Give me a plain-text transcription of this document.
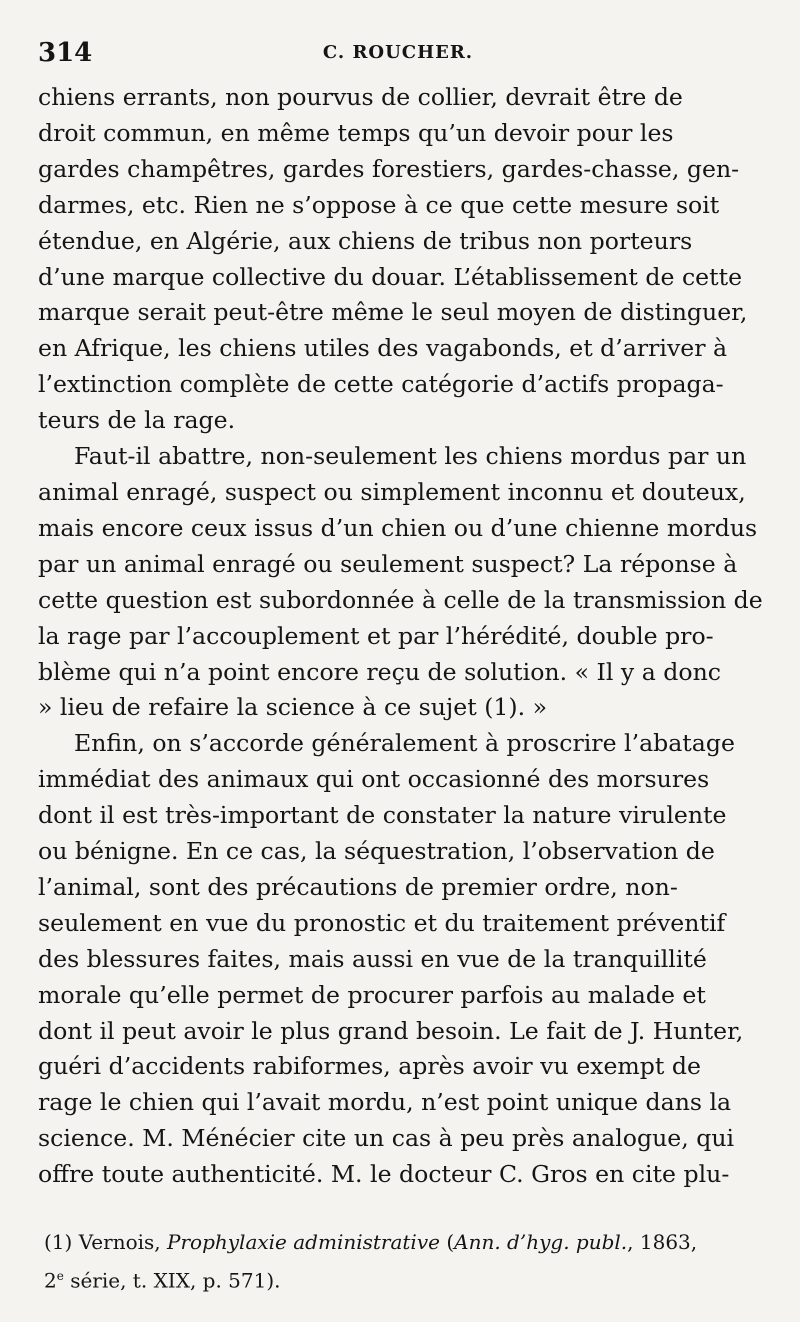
314	C. ROUCHER.
chiens errants, non pourvus de collier, devrait être de
droit commun, en même temps qu’un devoir pour les
gardes champêtres, gardes forestiers, gardes-chasse, gen-
darmes, etc. Rien ne s’oppose à ce que cette mesure soit
étendue, en Algérie, aux chiens de tribus non porteurs
d’une marque collective du douar. L’établissement de cette
marque serait peut-être même le seul moyen de distinguer,
en Afrique, les chiens utiles des vagabonds, et d’arriver à
l’extinction complète de cette catégorie d’actifs propaga-
teurs de la rage.
Faut-il abattre, non-seulement les chiens mordus par un
animal enragé, suspect ou simplement inconnu et douteux,
mais encore ceux issus d’un chien ou d’une chienne mordus
par un animal enragé ou seulement suspect? La réponse à
cette question est subordonnée à celle de la transmission de
la rage par l’accouplement et par l’hérédité, double pro-
blème qui n’a point encore reçu de solution. « Il y a donc
» lieu de refaire la science à ce sujet (1). »
Enfin, on s’accorde généralement à proscrire l’abatage
immédiat des animaux qui ont occasionné des morsures
dont il est très-important de constater la nature virulente
ou bénigne. En ce cas, la séquestration, l’observation de
l’animal, sont des précautions de premier ordre, non-
seulement en vue du pronostic et du traitement préventif
des blessures faites, mais aussi en vue de la tranquillité
morale qu’elle permet de procurer parfois au malade et
dont il peut avoir le plus grand besoin. Le fait de J. Hunter,
guéri d’accidents rabiformes, après avoir vu exempt de
rage le chien qui l’avait mordu, n’est point unique dans la
science. M. Ménécier cite un cas à peu près analogue, qui
offre toute authenticité. M. le docteur C. Gros en cite plu-
(1) Vernois, Prophylaxie administrative (Ann. d’hyg. publ., 1863,
2e série, t. XIX, p. 571).
